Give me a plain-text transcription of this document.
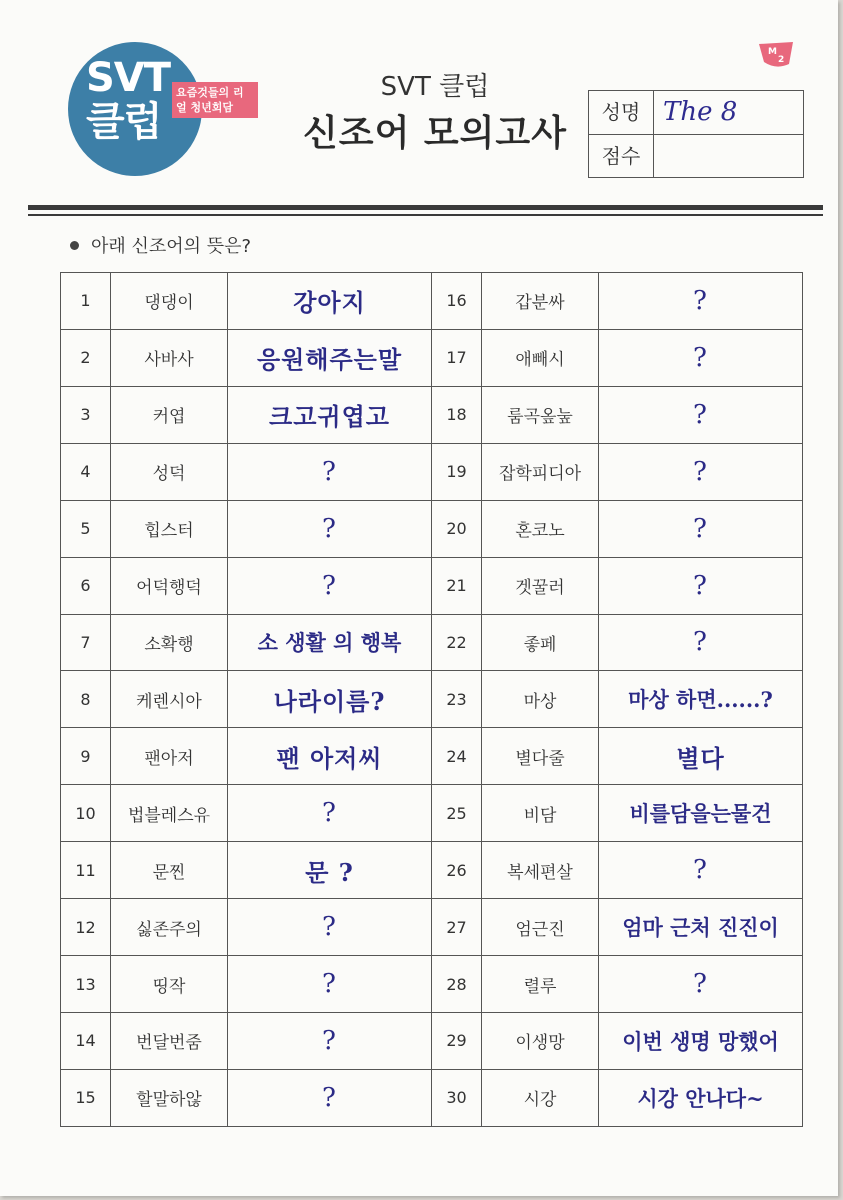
SVT
클럽
요즘것들의 리얼 청년회담
M
2
SVT 클럽
신조어 모의고사
성명 The 8
점수
아래 신조어의 뜻은?
1	댕댕이	강아지	16	갑분싸	?
2	사바사	응원해주는말	17	애빼시	?
3	커엽	크고귀엽고	18	룸곡옾눞	?
4	성덕	?	19	잡학피디아	?
5	힙스터	?	20	혼코노	?
6	어덕행덕	?	21	겟꿀러	?
7	소확행	소 생활 의 행복	22	좋페	?
8	케렌시아	나라이름?	23	마상	마상 하면......?
9	팬아저	팬 아저씨	24	별다줄	별다
10	법블레스유	?	25	비담	비를담을는물건
11	문찐	문 ?	26	복세편살	?
12	싫존주의	?	27	엄근진	엄마 근처 진진이
13	띵작	?	28	렬루	?
14	번달번줌	?	29	이생망	이번 생명 망했어
15	할말하않	?	30	시강	시강 안나다~
